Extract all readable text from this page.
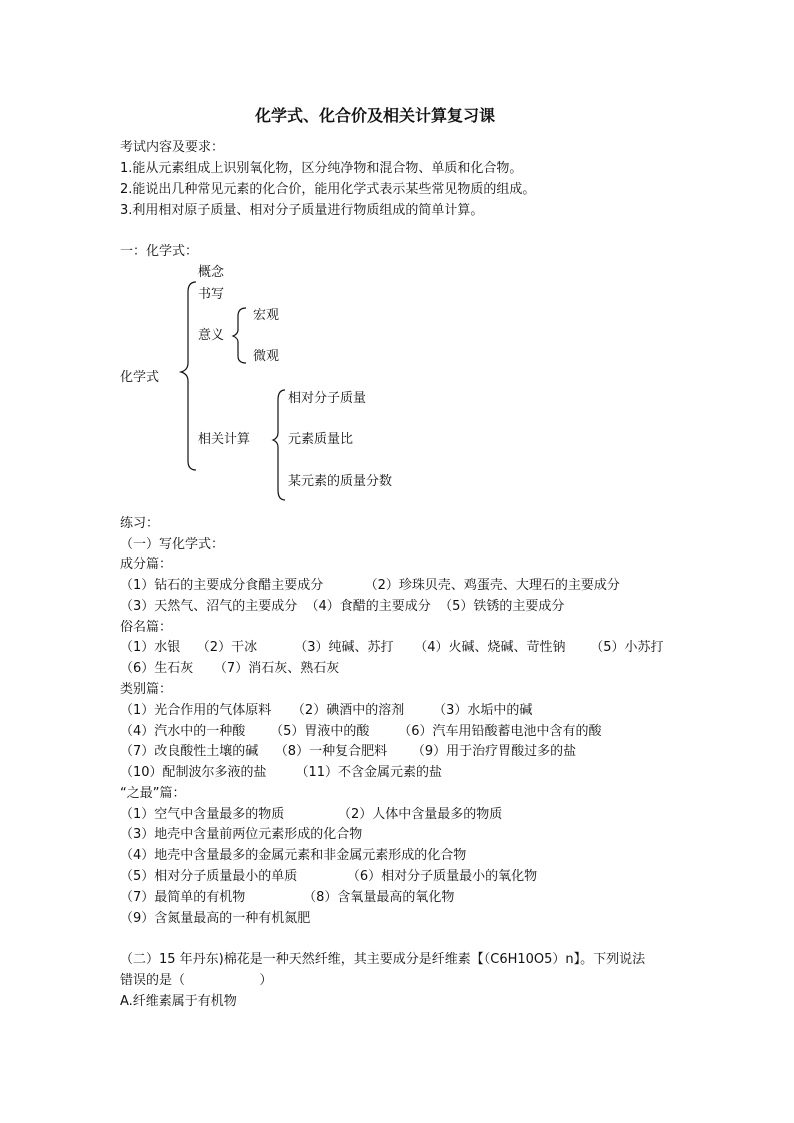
化学式、化合价及相关计算复习课
考试内容及要求：
1.能从元素组成上识别氧化物，区分纯净物和混合物、单质和化合物。
2.能说出几种常见元素的化合价，能用化学式表示某些常见物质的组成。
3.利用相对原子质量、相对分子质量进行物质组成的简单计算。
一：化学式：
化学式
概念
书写
意义
宏观
微观
相关计算
相对分子质量
元素质量比
某元素的质量分数
练习：
（一）写化学式：
成分篇：
（1）钻石的主要成分食醋主要成分          （2）珍珠贝壳、鸡蛋壳、大理石的主要成分
（3）天然气、沼气的主要成分  （4）食醋的主要成分  （5）铁锈的主要成分
俗名篇：
（1）水银    （2）干冰         （3）纯碱、苏打     （4）火碱、烧碱、苛性钠      （5）小苏打
（6）生石灰     （7）消石灰、熟石灰
类别篇：
（1）光合作用的气体原料     （2）碘酒中的溶剂       （3）水垢中的碱
（4）汽水中的一种酸      （5）胃液中的酸       （6）汽车用铅酸蓄电池中含有的酸
（7）改良酸性土壤的碱    （8）一种复合肥料      （9）用于治疗胃酸过多的盐
（10）配制波尔多液的盐       （11）不含金属元素的盐
“之最”篇：
（1）空气中含量最多的物质             （2）人体中含量最多的物质
（3）地壳中含量前两位元素形成的化合物
（4）地壳中含量最多的金属元素和非金属元素形成的化合物
（5）相对分子质量最小的单质            （6）相对分子质量最小的氧化物
（7）最简单的有机物              （8）含氧量最高的氧化物
（9）含氮量最高的一种有机氮肥
（二）15 年丹东)棉花是一种天然纤维，其主要成分是纤维素【（C6H10O5）n】。下列说法
错误的是（                  ）
A.纤维素属于有机物
